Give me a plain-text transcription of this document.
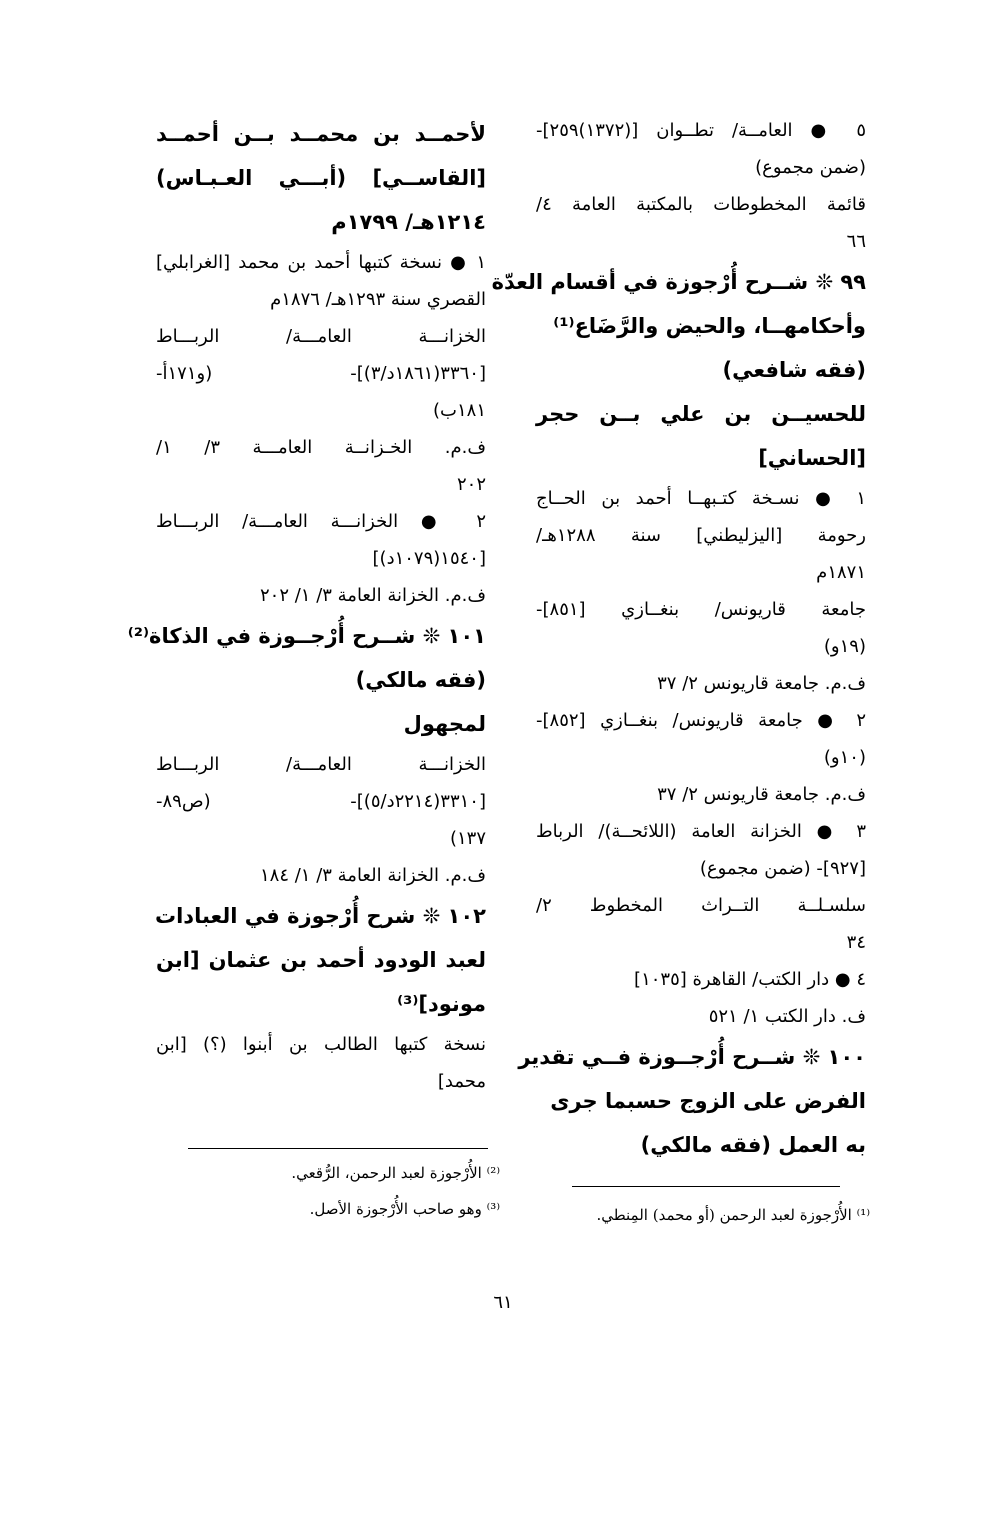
٥ ● العامــة/ تطــوان [(١٣٧٢)٢٥٩]-
(ضمن مجموع)
قائمة المخطوطات بالمكتبة العامة ٤/
٦٦
٩٩ ❊ شــرح أُرْجوزة في أقسام العدّة
وأحكامهــا، والحيض والرَّضَاع⁽¹⁾
(فقه شافعي)
للحسيــن بن علي بــن حجر
[الحساني]
١ ● نسـخة كتـبهــا أحمد بن الحــاج
رحومة [اليزليطني] سنة ١٢٨٨هـ/
١٨٧١م
جامعة قاريونس/ بنغــازي [٨٥١]-
(١٩و)
ف.م. جامعة قاريونس ٢/ ٣٧
٢ ● جامعة قاريونس/ بنغــازي [٨٥٢]-
(١٠و)
ف.م. جامعة قاريونس ٢/ ٣٧
٣ ● الخزانة العامة (اللائحــة)/ الرباط
[٩٢٧]- (ضمن مجموع)
سلسـلــة التــراث المخطوط ٢/
٣٤
٤ ● دار الكتب/ القاهرة [١٠٣٥]
ف. دار الكتب ١/ ٥٢١
١٠٠ ❊ شــرح أُرْجــوزة فــي تقدير
الفرض على الزوج حسبما جرى
به العمل (فقه مالكي)
لأحمــد بن محمــد بــن أحمــد
[القاســي] (أبـــي العـبـاس)
١٢١٤هـ/ ١٧٩٩م
١ ● نسخة كتبها أحمد بن محمد [الغرابلي]
القصري سنة ١٢٩٣هـ/ ١٨٧٦م
الخزانـــة العامـــة/ الربـــاط
[٣٣٦٠(١٨٦١د/٣)]- (و١٧١أ-
١٨١ب)
ف.م. الخـزانــة العامـــة ٣/ ١/
٢٠٢
٢ ● الخزانـــة العامـــة/ الربـــاط
[١٥٤٠(١٠٧٩د)]
ف.م. الخزانة العامة ٣/ ١/ ٢٠٢
١٠١ ❊ شــرح أُرْجــوزة في الذكاة⁽²⁾
(فقه مالكي)
لمجهول
الخزانـــة العامـــة/ الربـــاط
[٣٣١٠(٢٢١٤د/٥)]- (ص٨٩-
١٣٧)
ف.م. الخزانة العامة ٣/ ١/ ١٨٤
١٠٢ ❊ شرح أُرْجوزة في العبادات
لعبد الودود أحمد بن عثمان [ابن
مونود]⁽³⁾
نسخة كتبها الطالب بن أبنوا (؟) [ابن
محمد]
⁽¹⁾ الأُرْجوزة لعبد الرحمن (أو محمد) المِنطي.
⁽²⁾ الأُرْجوزة لعبد الرحمن، الرُّقعي.
⁽³⁾ وهو صاحب الأُرْجوزة الأصل.
٦١
